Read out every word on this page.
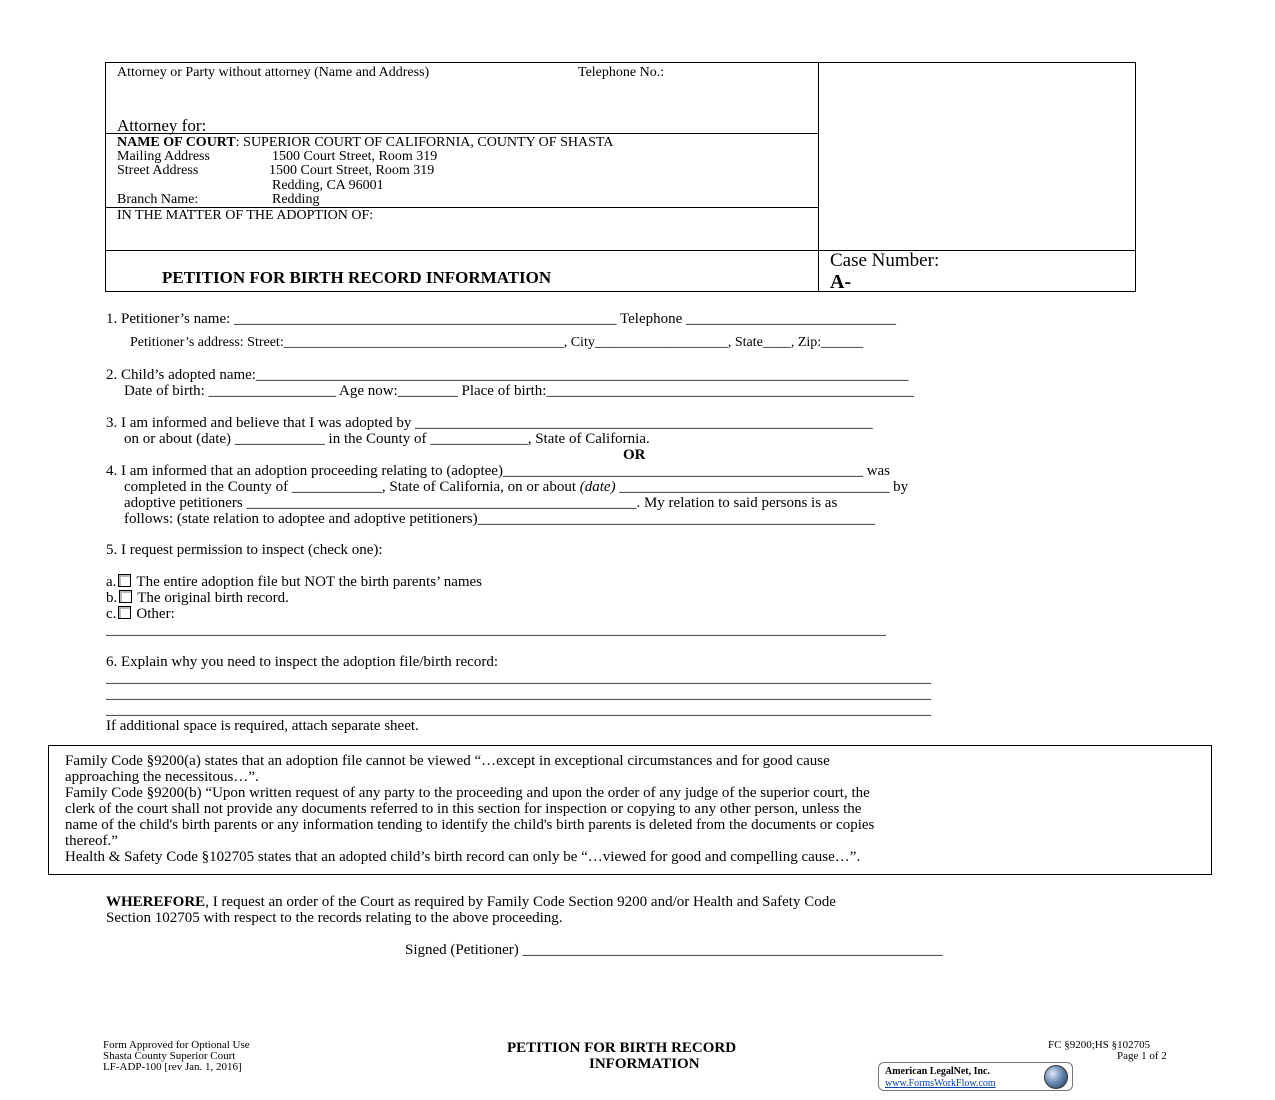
Attorney or Party without attorney (Name and Address)	Telephone No.:
Attorney for:
NAME OF COURT: SUPERIOR COURT OF CALIFORNIA, COUNTY OF SHASTA
Mailing Address	1500 Court Street, Room 319
Street Address	1500 Court Street, Room 319
Redding, CA 96001
Branch Name:	Redding
IN THE MATTER OF THE ADOPTION OF:
PETITION FOR BIRTH RECORD INFORMATION
Case Number:
A-
1. Petitioner’s name: ___________________________________________________ Telephone ____________________________
Petitioner’s address: Street:________________________________________, City___________________, State____, Zip:______
2. Child’s adopted name:_______________________________________________________________________________________
Date of birth: _________________ Age now:________ Place of birth:_________________________________________________
3. I am informed and believe that I was adopted by _____________________________________________________________
on or about (date) ____________ in the County of _____________, State of California.
OR
4. I am informed that an adoption proceeding relating to (adoptee)________________________________________________ was
completed in the County of ____________, State of California, on or about (date) ____________________________________ by
adoptive petitioners ____________________________________________________. My relation to said persons is as
follows: (state relation to adoptee and adoptive petitioners)_____________________________________________________
5. I request permission to inspect (check one):
a. The entire adoption file but NOT the birth parents’ names
b. The original birth record.
c. Other:
________________________________________________________________________________________________________
6. Explain why you need to inspect the adoption file/birth record:
______________________________________________________________________________________________________________
______________________________________________________________________________________________________________
______________________________________________________________________________________________________________
If additional space is required, attach separate sheet.
Family Code §9200(a) states that an adoption file cannot be viewed “…except in exceptional circumstances and for good cause
approaching the necessitous…”.
Family Code §9200(b) “Upon written request of any party to the proceeding and upon the order of any judge of the superior court, the
clerk of the court shall not provide any documents referred to in this section for inspection or copying to any other person, unless the
name of the child's birth parents or any information tending to identify the child's birth parents is deleted from the documents or copies
thereof.”
Health & Safety Code §102705 states that an adopted child’s birth record can only be “…viewed for good and compelling cause…”.
WHEREFORE, I request an order of the Court as required by Family Code Section 9200 and/or Health and Safety Code
Section 102705 with respect to the records relating to the above proceeding.
Signed (Petitioner) ________________________________________________________
Form Approved for Optional Use
Shasta County Superior Court
LF-ADP-100 [rev Jan. 1, 2016]
PETITION FOR BIRTH RECORD
INFORMATION
FC §9200;HS §102705
Page 1 of 2
American LegalNet, Inc.
www.FormsWorkFlow.com
